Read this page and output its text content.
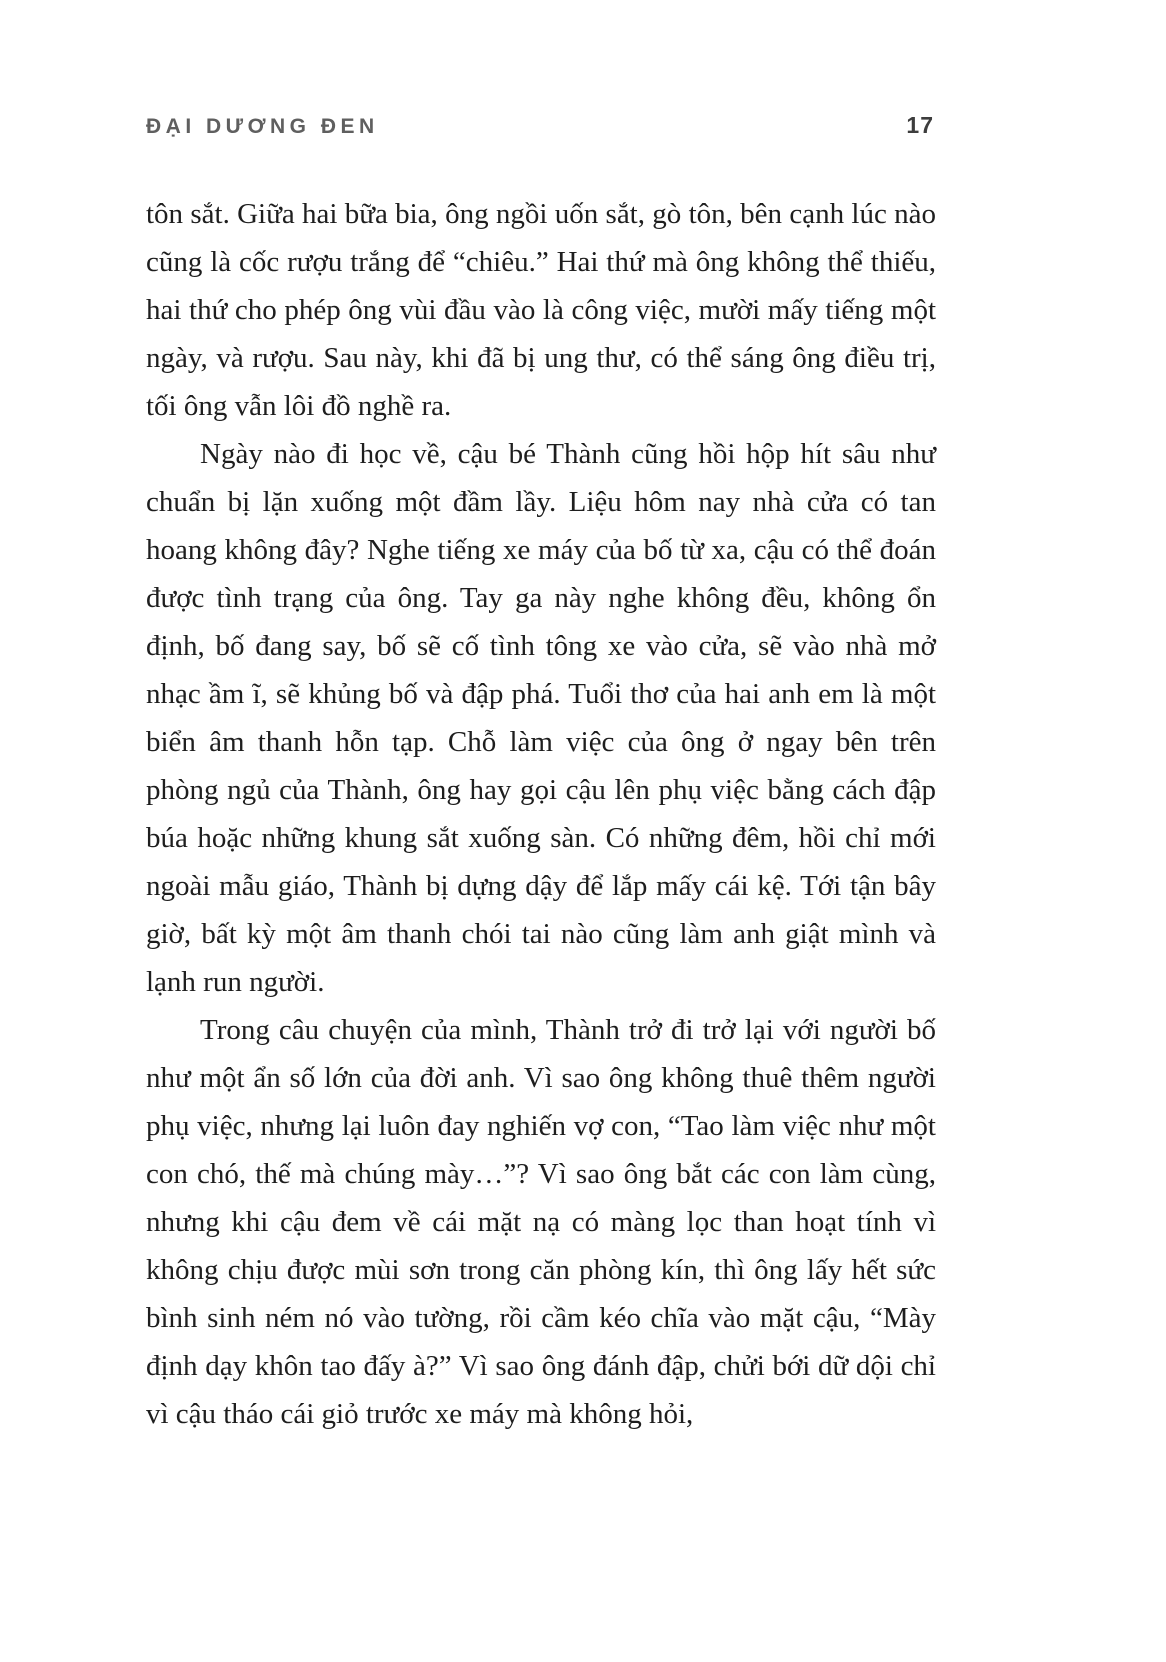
ĐẠI DƯƠNG ĐEN	17

tôn sắt. Giữa hai bữa bia, ông ngồi uốn sắt, gò tôn, bên cạnh lúc nào cũng là cốc rượu trắng để “chiêu.” Hai thứ mà ông không thể thiếu, hai thứ cho phép ông vùi đầu vào là công việc, mười mấy tiếng một ngày, và rượu. Sau này, khi đã bị ung thư, có thể sáng ông điều trị, tối ông vẫn lôi đồ nghề ra.

Ngày nào đi học về, cậu bé Thành cũng hồi hộp hít sâu như chuẩn bị lặn xuống một đầm lầy. Liệu hôm nay nhà cửa có tan hoang không đây? Nghe tiếng xe máy của bố từ xa, cậu có thể đoán được tình trạng của ông. Tay ga này nghe không đều, không ổn định, bố đang say, bố sẽ cố tình tông xe vào cửa, sẽ vào nhà mở nhạc ầm ĩ, sẽ khủng bố và đập phá. Tuổi thơ của hai anh em là một biển âm thanh hỗn tạp. Chỗ làm việc của ông ở ngay bên trên phòng ngủ của Thành, ông hay gọi cậu lên phụ việc bằng cách đập búa hoặc những khung sắt xuống sàn. Có những đêm, hồi chỉ mới ngoài mẫu giáo, Thành bị dựng dậy để lắp mấy cái kệ. Tới tận bây giờ, bất kỳ một âm thanh chói tai nào cũng làm anh giật mình và lạnh run người.

Trong câu chuyện của mình, Thành trở đi trở lại với người bố như một ẩn số lớn của đời anh. Vì sao ông không thuê thêm người phụ việc, nhưng lại luôn đay nghiến vợ con, “Tao làm việc như một con chó, thế mà chúng mày…”? Vì sao ông bắt các con làm cùng, nhưng khi cậu đem về cái mặt nạ có màng lọc than hoạt tính vì không chịu được mùi sơn trong căn phòng kín, thì ông lấy hết sức bình sinh ném nó vào tường, rồi cầm kéo chĩa vào mặt cậu, “Mày định dạy khôn tao đấy à?” Vì sao ông đánh đập, chửi bới dữ dội chỉ vì cậu tháo cái giỏ trước xe máy mà không hỏi,
